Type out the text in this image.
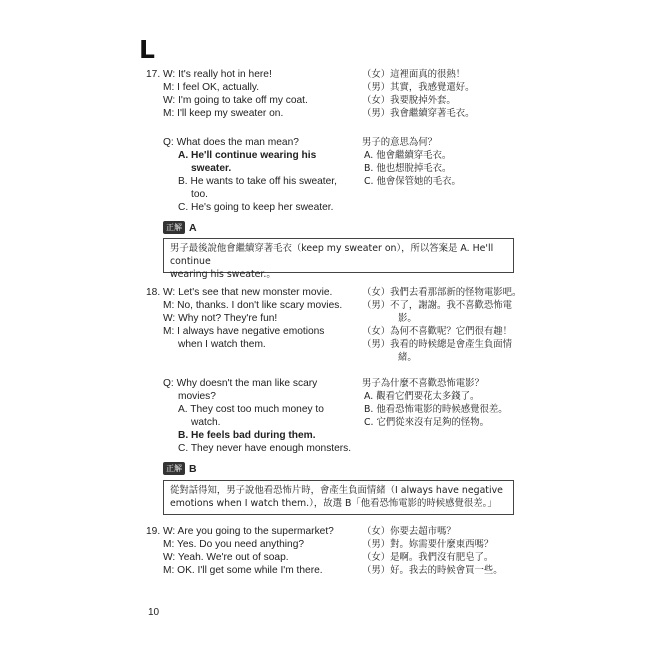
L
17. W: It's really hot in here!
M: I feel OK, actually.
W: I'm going to take off my coat.
M: I'll keep my sweater on.
（女）這裡面真的很熱！
（男）其實，我感覺還好。
（女）我要脫掉外套。
（男）我會繼續穿著毛衣。
Q: What does the man mean?	男子的意思為何？
A. He'll continue wearing his
sweater.
B. He wants to take off his sweater,
too.
C. He's going to keep her sweater.
A. 他會繼續穿毛衣。
B. 他也想脫掉毛衣。
C. 他會保管她的毛衣。
正解 A
男子最後說他會繼續穿著毛衣（keep my sweater on），所以答案是 A. He'll continue
wearing his sweater.。
18. W: Let's see that new monster movie.
M: No, thanks. I don't like scary movies.
W: Why not? They're fun!
M: I always have negative emotions
when I watch them.
（女）我們去看那部新的怪物電影吧。
（男）不了，謝謝。我不喜歡恐怖電
影。
（女）為何不喜歡呢？它們很有趣！
（男）我看的時候總是會產生負面情
緒。
Q: Why doesn't the man like scary
movies?
男子為什麼不喜歡恐怖電影？
A. They cost too much money to
watch.
B. He feels bad during them.
C. They never have enough monsters.
A. 觀看它們要花太多錢了。
B. 他看恐怖電影的時候感覺很差。
C. 它們從來沒有足夠的怪物。
正解 B
從對話得知，男子說他看恐怖片時，會產生負面情緒（I always have negative
emotions when I watch them.），故選 B「他看恐怖電影的時候感覺很差。」
19. W: Are you going to the supermarket?
M: Yes. Do you need anything?
W: Yeah. We're out of soap.
M: OK. I'll get some while I'm there.
（女）你要去超市嗎？
（男）對。妳需要什麼東西嗎？
（女）是啊。我們沒有肥皂了。
（男）好。我去的時候會買一些。
10
